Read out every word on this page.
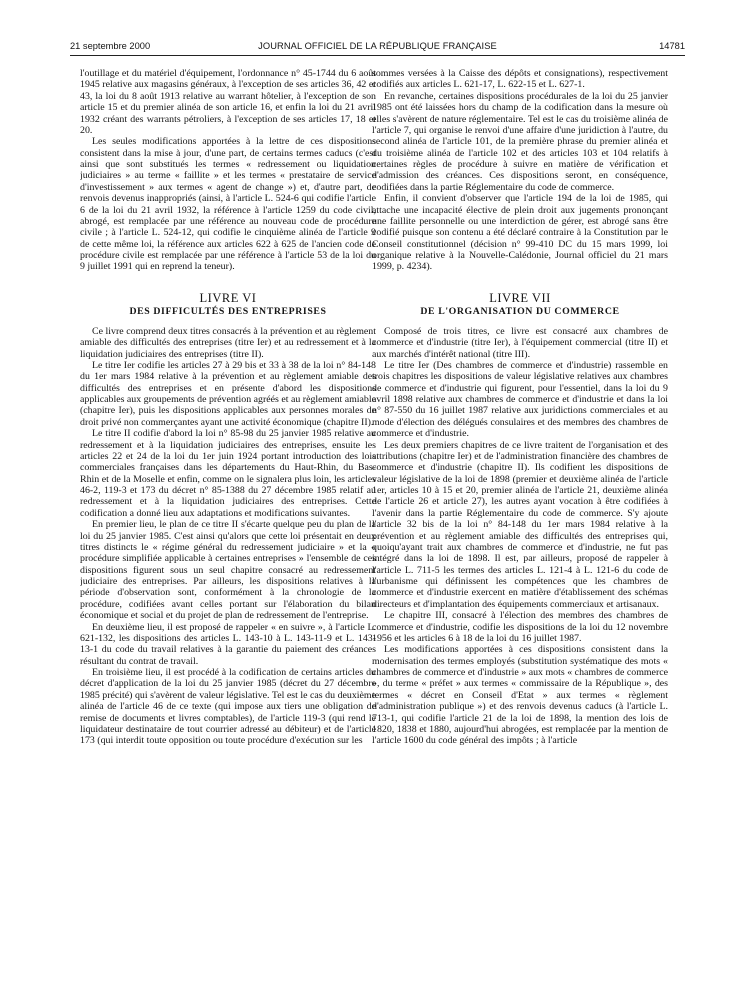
21 septembre 2000	JOURNAL OFFICIEL DE LA RÉPUBLIQUE FRANÇAISE	14781

l'outillage et du matériel d'équipement, l'ordonnance n° 45-1744 du 6 août 1945 relative aux magasins généraux, à l'exception de ses articles 36, 42 et 43, la loi du 8 août 1913 relative au warrant hôtelier, à l'exception de son article 15 et du premier alinéa de son article 16, et enfin la loi du 21 avril 1932 créant des warrants pétroliers, à l'exception de ses articles 17, 18 et 20.

Les seules modifications apportées à la lettre de ces dispositions consistent dans la mise à jour, d'une part, de certains termes caducs (c'est ainsi que sont substitués les termes « redressement ou liquidation judiciaires » au terme « faillite » et les termes « prestataire de service d'investissement » aux termes « agent de change ») et, d'autre part, de renvois devenus inappropriés (ainsi, à l'article L. 524-6 qui codifie l'article 6 de la loi du 21 avril 1932, la référence à l'article 1259 du code civil, abrogé, est remplacée par une référence au nouveau code de procédure civile ; à l'article L. 524-12, qui codifie le cinquième alinéa de l'article 9 de cette même loi, la référence aux articles 622 à 625 de l'ancien code de procédure civile est remplacée par une référence à l'article 53 de la loi du 9 juillet 1991 qui en reprend la teneur).

LIVRE VI
DES DIFFICULTÉS DES ENTREPRISES

Ce livre comprend deux titres consacrés à la prévention et au règlement amiable des difficultés des entreprises (titre Ier) et au redressement et à la liquidation judiciaires des entreprises (titre II).

Le titre Ier codifie les articles 27 à 29 bis et 33 à 38 de la loi n° 84-148 du 1er mars 1984 relative à la prévention et au règlement amiable des difficultés des entreprises et en présente d'abord les dispositions applicables aux groupements de prévention agréés et au règlement amiable (chapitre Ier), puis les dispositions applicables aux personnes morales de droit privé non commerçantes ayant une activité économique (chapitre II).

Le titre II codifie d'abord la loi n° 85-98 du 25 janvier 1985 relative au redressement et à la liquidation judiciaires des entreprises, ensuite les articles 22 et 24 de la loi du 1er juin 1924 portant introduction des lois commerciales françaises dans les départements du Haut-Rhin, du Bas-Rhin et de la Moselle et enfin, comme on le signalera plus loin, les articles 46-2, 119-3 et 173 du décret n° 85-1388 du 27 décembre 1985 relatif au redressement et à la liquidation judiciaires des entreprises. Cette codification a donné lieu aux adaptations et modifications suivantes.

En premier lieu, le plan de ce titre II s'écarte quelque peu du plan de la loi du 25 janvier 1985. C'est ainsi qu'alors que cette loi présentait en deux titres distincts le « régime général du redressement judiciaire » et la « procédure simplifiée applicable à certaines entreprises » l'ensemble de ces dispositions figurent sous un seul chapitre consacré au redressement judiciaire des entreprises. Par ailleurs, les dispositions relatives à la période d'observation sont, conformément à la chronologie de la procédure, codifiées avant celles portant sur l'élaboration du bilan économique et social et du projet de plan de redressement de l'entreprise.

En deuxième lieu, il est proposé de rappeler « en suivre », à l'article L. 621-132, les dispositions des articles L. 143-10 à L. 143-11-9 et L. 143-13-1 du code du travail relatives à la garantie du paiement des créances résultant du contrat de travail.

En troisième lieu, il est procédé à la codification de certains articles du décret d'application de la loi du 25 janvier 1985 (décret du 27 décembre 1985 précité) qui s'avèrent de valeur législative. Tel est le cas du deuxième alinéa de l'article 46 de ce texte (qui impose aux tiers une obligation de remise de documents et livres comptables), de l'article 119-3 (qui rend le liquidateur destinataire de tout courrier adressé au débiteur) et de l'article 173 (qui interdit toute opposition ou toute procédure d'exécution sur les

sommes versées à la Caisse des dépôts et consignations), respectivement codifiés aux articles L. 621-17, L. 622-15 et L. 627-1.

En revanche, certaines dispositions procédurales de la loi du 25 janvier 1985 ont été laissées hors du champ de la codification dans la mesure où elles s'avèrent de nature réglementaire. Tel est le cas du troisième alinéa de l'article 7, qui organise le renvoi d'une affaire d'une juridiction à l'autre, du second alinéa de l'article 101, de la première phrase du premier alinéa et du troisième alinéa de l'article 102 et des articles 103 et 104 relatifs à certaines règles de procédure à suivre en matière de vérification et d'admission des créances. Ces dispositions seront, en conséquence, codifiées dans la partie Réglementaire du code de commerce.

Enfin, il convient d'observer que l'article 194 de la loi de 1985, qui attache une incapacité élective de plein droit aux jugements prononçant une faillite personnelle ou une interdiction de gérer, est abrogé sans être codifié puisque son contenu a été déclaré contraire à la Constitution par le Conseil constitutionnel (décision n° 99-410 DC du 15 mars 1999, loi organique relative à la Nouvelle-Calédonie, Journal officiel du 21 mars 1999, p. 4234).

LIVRE VII
DE L'ORGANISATION DU COMMERCE

Composé de trois titres, ce livre est consacré aux chambres de commerce et d'industrie (titre Ier), à l'équipement commercial (titre II) et aux marchés d'intérêt national (titre III).

Le titre Ier (Des chambres de commerce et d'industrie) rassemble en trois chapitres les dispositions de valeur législative relatives aux chambres de commerce et d'industrie qui figurent, pour l'essentiel, dans la loi du 9 avril 1898 relative aux chambres de commerce et d'industrie et dans la loi n° 87-550 du 16 juillet 1987 relative aux juridictions commerciales et au mode d'élection des délégués consulaires et des membres des chambres de commerce et d'industrie.

Les deux premiers chapitres de ce livre traitent de l'organisation et des attributions (chapitre Ier) et de l'administration financière des chambres de commerce et d'industrie (chapitre II). Ils codifient les dispositions de valeur législative de la loi de 1898 (premier et deuxième alinéa de l'article 1er, articles 10 à 15 et 20, premier alinéa de l'article 21, deuxième alinéa de l'article 26 et article 27), les autres ayant vocation à être codifiées à l'avenir dans la partie Réglementaire du code de commerce. S'y ajoute l'article 32 bis de la loi n° 84-148 du 1er mars 1984 relative à la prévention et au règlement amiable des difficultés des entreprises qui, quoiqu'ayant trait aux chambres de commerce et d'industrie, ne fut pas intégré dans la loi de 1898. Il est, par ailleurs, proposé de rappeler à l'article L. 711-5 les termes des articles L. 121-4 à L. 121-6 du code de l'urbanisme qui définissent les compétences que les chambres de commerce et d'industrie exercent en matière d'établissement des schémas directeurs et d'implantation des équipements commerciaux et artisanaux.

Le chapitre III, consacré à l'élection des membres des chambres de commerce et d'industrie, codifie les dispositions de la loi du 12 novembre 1956 et les articles 6 à 18 de la loi du 16 juillet 1987.

Les modifications apportées à ces dispositions consistent dans la modernisation des termes employés (substitution systématique des mots « chambres de commerce et d'industrie » aux mots « chambres de commerce », du terme « préfet » aux termes « commissaire de la République », des termes « décret en Conseil d'Etat » aux termes « règlement d'administration publique ») et des renvois devenus caducs (à l'article L. 713-1, qui codifie l'article 21 de la loi de 1898, la mention des lois de 1820, 1838 et 1880, aujourd'hui abrogées, est remplacée par la mention de l'article 1600 du code général des impôts ; à l'article
